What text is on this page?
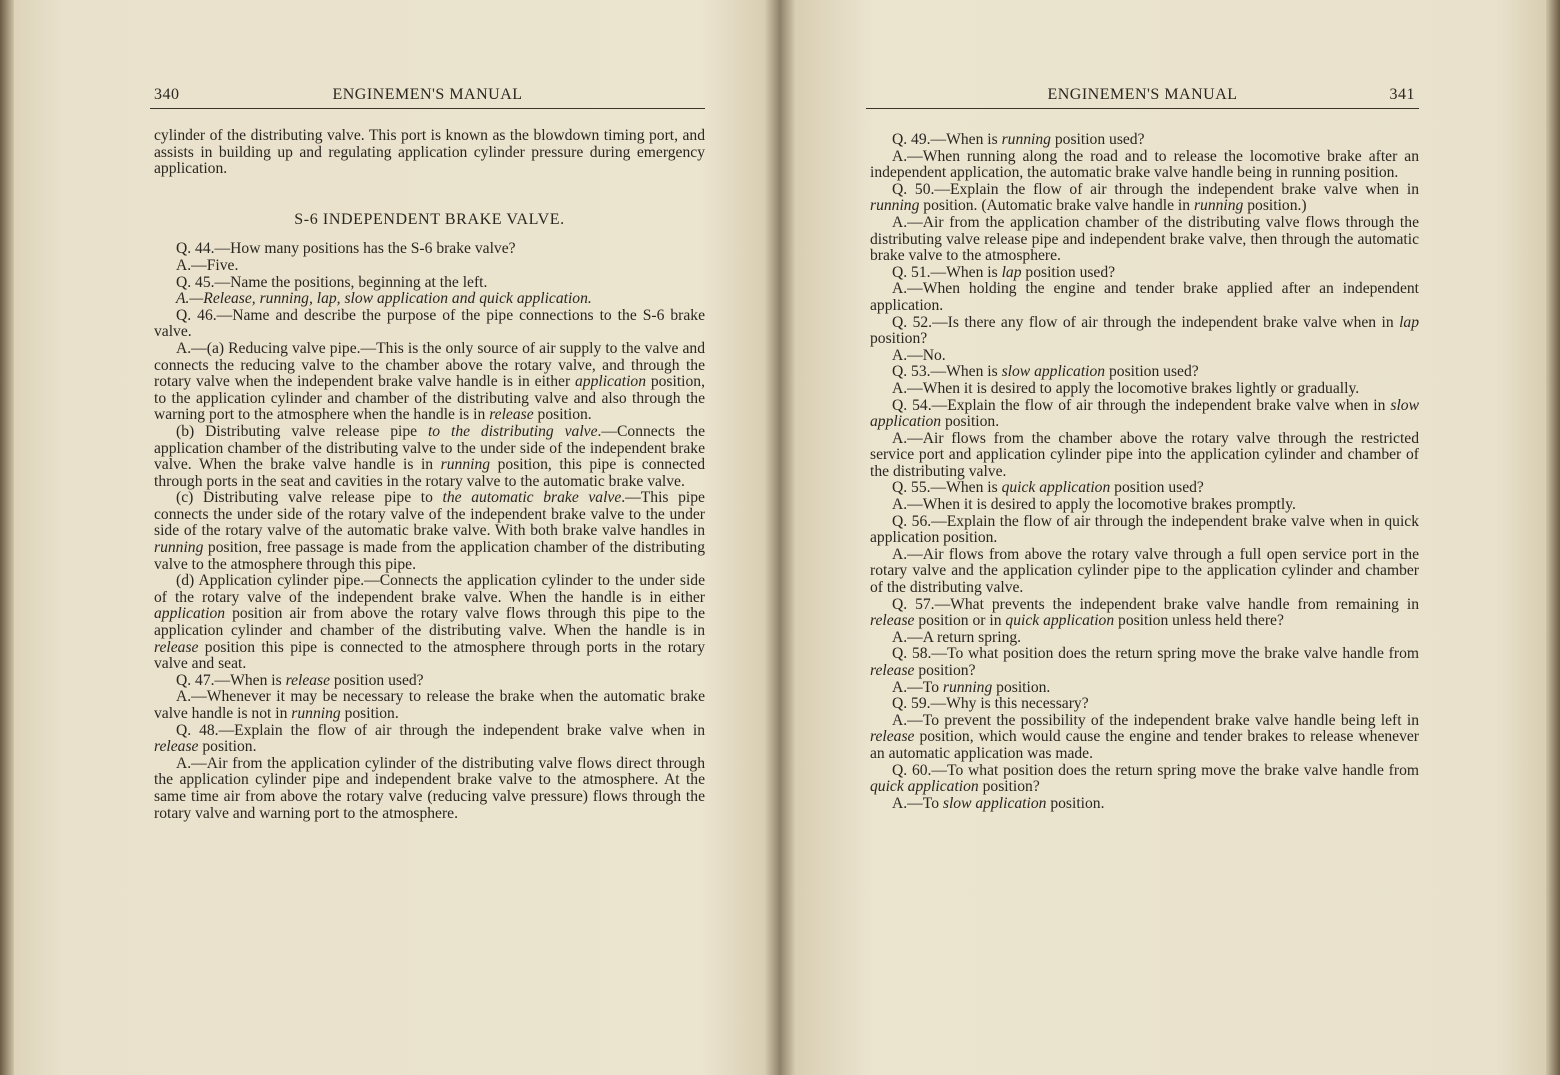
ENGINEMEN'S MANUAL
340

cylinder of the distributing valve. This port is known as the blowdown timing port, and assists in building up and regulating application cylinder pressure during emergency application.

S-6 INDEPENDENT BRAKE VALVE.

Q. 44.—How many positions has the S-6 brake valve?

A.—Five.

Q. 45.—Name the positions, beginning at the left.

A.—Release, running, lap, slow application and quick application.

Q. 46.—Name and describe the purpose of the pipe connections to the S-6 brake valve.

A.—(a) Reducing valve pipe.—This is the only source of air supply to the valve and connects the reducing valve to the chamber above the rotary valve, and through the rotary valve when the independent brake valve handle is in either application position, to the application cylinder and chamber of the distributing valve and also through the warning port to the atmosphere when the handle is in release position.

(b) Distributing valve release pipe to the distributing valve.—Connects the application chamber of the distributing valve to the under side of the independent brake valve. When the brake valve handle is in running position, this pipe is connected through ports in the seat and cavities in the rotary valve to the automatic brake valve.

(c) Distributing valve release pipe to the automatic brake valve.—This pipe connects the under side of the rotary valve of the independent brake valve to the under side of the rotary valve of the automatic brake valve. With both brake valve handles in running position, free passage is made from the application chamber of the distributing valve to the atmosphere through this pipe.

(d) Application cylinder pipe.—Connects the application cylinder to the under side of the rotary valve of the independent brake valve. When the handle is in either application position air from above the rotary valve flows through this pipe to the application cylinder and chamber of the distributing valve. When the handle is in release position this pipe is connected to the atmosphere through ports in the rotary valve and seat.

Q. 47.—When is release position used?

A.—Whenever it may be necessary to release the brake when the automatic brake valve handle is not in running position.

Q. 48.—Explain the flow of air through the independent brake valve when in release position.

A.—Air from the application cylinder of the distributing valve flows direct through the application cylinder pipe and independent brake valve to the atmosphere. At the same time air from above the rotary valve (reducing valve pressure) flows through the rotary valve and warning port to the atmosphere.

ENGINEMEN'S MANUAL	341

Q. 49.—When is running position used?

A.—When running along the road and to release the locomotive brake after an independent application, the automatic brake valve handle being in running position.

Q. 50.—Explain the flow of air through the independent brake valve when in running position. (Automatic brake valve handle in running position.)

A.—Air from the application chamber of the distributing valve flows through the distributing valve release pipe and independent brake valve, then through the automatic brake valve to the atmosphere.

Q. 51.—When is lap position used?

A.—When holding the engine and tender brake applied after an independent application.

Q. 52.—Is there any flow of air through the independent brake valve when in lap position?

A.—No.

Q. 53.—When is slow application position used?

A.—When it is desired to apply the locomotive brakes lightly or gradually.

Q. 54.—Explain the flow of air through the independent brake valve when in slow application position.

A.—Air flows from the chamber above the rotary valve through the restricted service port and application cylinder pipe into the application cylinder and chamber of the distributing valve.

Q. 55.—When is quick application position used?

A.—When it is desired to apply the locomotive brakes promptly.

Q. 56.—Explain the flow of air through the independent brake valve when in quick application position.

A.—Air flows from above the rotary valve through a full open service port in the rotary valve and the application cylinder pipe to the application cylinder and chamber of the distributing valve.

Q. 57.—What prevents the independent brake valve handle from remaining in release position or in quick application position unless held there?

A.—A return spring.

Q. 58.—To what position does the return spring move the brake valve handle from release position?

A.—To running position.

Q. 59.—Why is this necessary?

A.—To prevent the possibility of the independent brake valve handle being left in release position, which would cause the engine and tender brakes to release whenever an automatic application was made.

Q. 60.—To what position does the return spring move the brake valve handle from quick application position?

A.—To slow application position.
